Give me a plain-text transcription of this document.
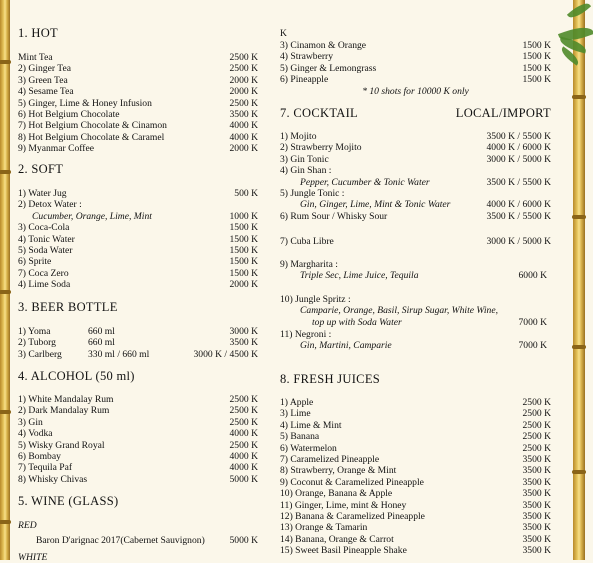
1. HOT
Mint Tea	2500 K
2) Ginger Tea	2500 K
3) Green Tea	2000 K
4) Sesame Tea	2000 K
5) Ginger, Lime & Honey Infusion	2500 K
6) Hot Belgium Chocolate	3500 K
7) Hot Belgium Chocolate & Cinamon	4000 K
8) Hot Belgium Chocolate & Caramel	4000 K
9) Myanmar Coffee	2000 K
2. SOFT
1) Water Jug	500 K
2) Detox Water :
Cucumber, Orange, Lime, Mint	1000 K
3) Coca-Cola	1500 K
4) Tonic Water	1500 K
5) Soda Water	1500 K
6) Sprite	1500 K
7) Coca Zero	1500 K
4) Lime Soda	2000 K
3. BEER BOTTLE
1) Yoma	660 ml	3000 K
2) Tuborg	660 ml	3500 K
3) Carlberg	330 ml / 660 ml	3000 K / 4500 K
4. ALCOHOL (50 ml)
1) White Mandalay Rum	2500 K
2) Dark Mandalay Rum	2500 K
3) Gin	2500 K
4) Vodka	4000 K
5) Wisky Grand Royal	2500 K
6) Bombay	4000 K
7) Tequila Paf	4000 K
8) Whisky Chivas	5000 K
5. WINE (GLASS)
RED
Baron D'arignac 2017(Cabernet Sauvignon)	5000 K
WHITE
K
3) Cinamon & Orange	1500 K
4) Strawberry	1500 K
5) Ginger & Lemongrass	1500 K
6) Pineapple	1500 K
* 10 shots for 10000 K only
7. COCKTAIL	LOCAL/IMPORT
1) Mojito	3500 K / 5500 K
2) Strawberry Mojito	4000 K / 6000 K
3) Gin Tonic	3000 K / 5000 K
4) Gin Shan :
Pepper, Cucumber & Tonic Water	3500 K / 5500 K
5) Jungle Tonic :
Gin, Ginger, Lime, Mint & Tonic Water	4000 K / 6000 K
6) Rum Sour / Whisky Sour	3500 K / 5500 K
7) Cuba Libre	3000 K / 5000 K
9) Margharita :
Triple Sec, Lime Juice, Tequila	6000 K
10) Jungle Spritz :
Camparie, Orange, Basil, Sirup Sugar, White Wine,
top up with Soda Water	7000 K
11) Negroni :
Gin, Martini, Camparie	7000 K
8. FRESH JUICES
1) Apple	2500 K
3) Lime	2500 K
4) Lime & Mint	2500 K
5) Banana	2500 K
6) Watermelon	2500 K
7) Caramelized Pineapple	3500 K
8) Strawberry, Orange & Mint	3500 K
9) Coconut & Caramelized Pineapple	3500 K
10) Orange, Banana & Apple	3500 K
11) Ginger, Lime, mint & Honey	3500 K
12) Banana & Caramelized Pineapple	3500 K
13) Orange & Tamarin	3500 K
14) Banana, Orange & Carrot	3500 K
15) Sweet Basil Pineapple Shake	3500 K
